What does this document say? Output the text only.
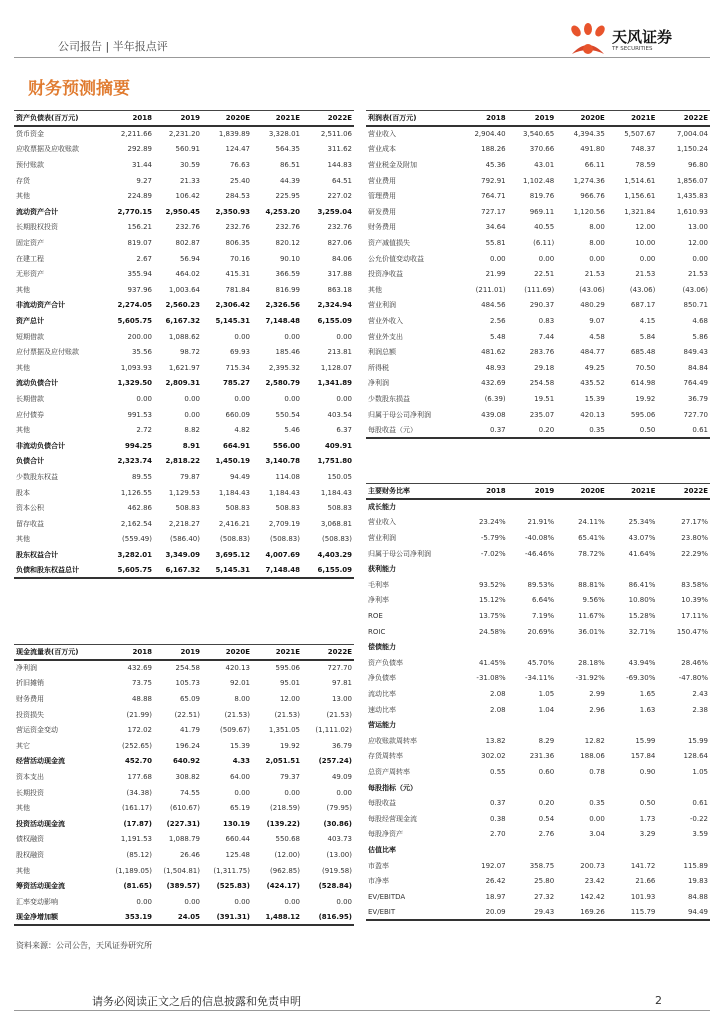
公司报告 | 半年报点评
天风证券
TF SECURITIES
财务预测摘要
资产负债表(百万元)	2018	2019	2020E	2021E	2022E
货币资金	2,211.66	2,231.20	1,839.89	3,328.01	2,511.06
应收票据及应收账款	292.89	560.91	124.47	564.35	311.62
预付账款	31.44	30.59	76.63	86.51	144.83
存货	9.27	21.33	25.40	44.39	64.51
其他	224.89	106.42	284.53	225.95	227.02
流动资产合计	2,770.15	2,950.45	2,350.93	4,253.20	3,259.04
长期股权投资	156.21	232.76	232.76	232.76	232.76
固定资产	819.07	802.87	806.35	820.12	827.06
在建工程	2.67	56.94	70.16	90.10	84.06
无形资产	355.94	464.02	415.31	366.59	317.88
其他	937.96	1,003.64	781.84	816.99	863.18
非流动资产合计	2,274.05	2,560.23	2,306.42	2,326.56	2,324.94
资产总计	5,605.75	6,167.32	5,145.31	7,148.48	6,155.09
短期借款	200.00	1,088.62	0.00	0.00	0.00
应付票据及应付账款	35.56	98.72	69.93	185.46	213.81
其他	1,093.93	1,621.97	715.34	2,395.32	1,128.07
流动负债合计	1,329.50	2,809.31	785.27	2,580.79	1,341.89
长期借款	0.00	0.00	0.00	0.00	0.00
应付债券	991.53	0.00	660.09	550.54	403.54
其他	2.72	8.82	4.82	5.46	6.37
非流动负债合计	994.25	8.91	664.91	556.00	409.91
负债合计	2,323.74	2,818.22	1,450.19	3,140.78	1,751.80
少数股东权益	89.55	79.87	94.49	114.08	150.05
股本	1,126.55	1,129.53	1,184.43	1,184.43	1,184.43
资本公积	462.86	508.83	508.83	508.83	508.83
留存收益	2,162.54	2,218.27	2,416.21	2,709.19	3,068.81
其他	(559.49)	(586.40)	(508.83)	(508.83)	(508.83)
股东权益合计	3,282.01	3,349.09	3,695.12	4,007.69	4,403.29
负债和股东权益总计	5,605.75	6,167.32	5,145.31	7,148.48	6,155.09
利润表(百万元)	2018	2019	2020E	2021E	2022E
营业收入	2,904.40	3,540.65	4,394.35	5,507.67	7,004.04
营业成本	188.26	370.66	491.80	748.37	1,150.24
营业税金及附加	45.36	43.01	66.11	78.59	96.80
营业费用	792.91	1,102.48	1,274.36	1,514.61	1,856.07
管理费用	764.71	819.76	966.76	1,156.61	1,435.83
研发费用	727.17	969.11	1,120.56	1,321.84	1,610.93
财务费用	34.64	40.55	8.00	12.00	13.00
资产减值损失	55.81	(6.11)	8.00	10.00	12.00
公允价值变动收益	0.00	0.00	0.00	0.00	0.00
投资净收益	21.99	22.51	21.53	21.53	21.53
其他	(211.01)	(111.69)	(43.06)	(43.06)	(43.06)
营业利润	484.56	290.37	480.29	687.17	850.71
营业外收入	2.56	0.83	9.07	4.15	4.68
营业外支出	5.48	7.44	4.58	5.84	5.86
利润总额	481.62	283.76	484.77	685.48	849.43
所得税	48.93	29.18	49.25	70.50	84.84
净利润	432.69	254.58	435.52	614.98	764.49
少数股东损益	(6.39)	19.51	15.39	19.92	36.79
归属于母公司净利润	439.08	235.07	420.13	595.06	727.70
每股收益（元）	0.37	0.20	0.35	0.50	0.61
主要财务比率	2018	2019	2020E	2021E	2022E
成长能力					
营业收入	23.24%	21.91%	24.11%	25.34%	27.17%
营业利润	-5.79%	-40.08%	65.41%	43.07%	23.80%
归属于母公司净利润	-7.02%	-46.46%	78.72%	41.64%	22.29%
获利能力					
毛利率	93.52%	89.53%	88.81%	86.41%	83.58%
净利率	15.12%	6.64%	9.56%	10.80%	10.39%
ROE	13.75%	7.19%	11.67%	15.28%	17.11%
ROIC	24.58%	20.69%	36.01%	32.71%	150.47%
偿债能力					
资产负债率	41.45%	45.70%	28.18%	43.94%	28.46%
净负债率	-31.08%	-34.11%	-31.92%	-69.30%	-47.80%
流动比率	2.08	1.05	2.99	1.65	2.43
速动比率	2.08	1.04	2.96	1.63	2.38
营运能力					
应收账款周转率	13.82	8.29	12.82	15.99	15.99
存货周转率	302.02	231.36	188.06	157.84	128.64
总资产周转率	0.55	0.60	0.78	0.90	1.05
每股指标（元）					
每股收益	0.37	0.20	0.35	0.50	0.61
每股经营现金流	0.38	0.54	0.00	1.73	-0.22
每股净资产	2.70	2.76	3.04	3.29	3.59
估值比率					
市盈率	192.07	358.75	200.73	141.72	115.89
市净率	26.42	25.80	23.42	21.66	19.83
EV/EBITDA	18.97	27.32	142.42	101.93	84.88
EV/EBIT	20.09	29.43	169.26	115.79	94.49
现金流量表(百万元)	2018	2019	2020E	2021E	2022E
净利润	432.69	254.58	420.13	595.06	727.70
折旧摊销	73.75	105.73	92.01	95.01	97.81
财务费用	48.88	65.09	8.00	12.00	13.00
投资损失	(21.99)	(22.51)	(21.53)	(21.53)	(21.53)
营运资金变动	172.02	41.79	(509.67)	1,351.05	(1,111.02)
其它	(252.65)	196.24	15.39	19.92	36.79
经营活动现金流	452.70	640.92	4.33	2,051.51	(257.24)
资本支出	177.68	308.82	64.00	79.37	49.09
长期投资	(34.38)	74.55	0.00	0.00	0.00
其他	(161.17)	(610.67)	65.19	(218.59)	(79.95)
投资活动现金流	(17.87)	(227.31)	130.19	(139.22)	(30.86)
债权融资	1,191.53	1,088.79	660.44	550.68	403.73
股权融资	(85.12)	26.46	125.48	(12.00)	(13.00)
其他	(1,189.05)	(1,504.81)	(1,311.75)	(962.85)	(919.58)
筹资活动现金流	(81.65)	(389.57)	(525.83)	(424.17)	(528.84)
汇率变动影响	0.00	0.00	0.00	0.00	0.00
现金净增加额	353.19	24.05	(391.31)	1,488.12	(816.95)
资料来源：公司公告，天风证券研究所
请务必阅读正文之后的信息披露和免责申明	2
